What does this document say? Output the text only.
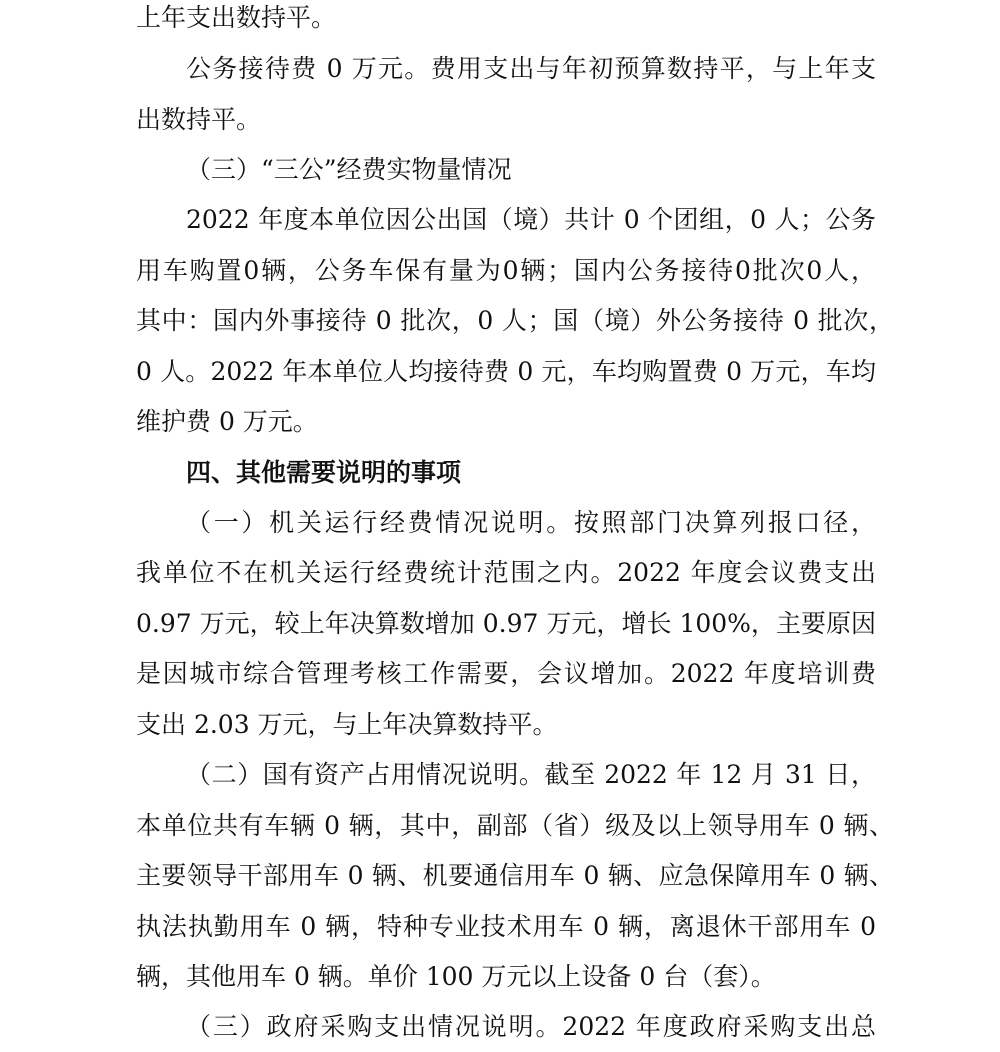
上年支出数持平。
公务接待费 0 万元。费用支出与年初预算数持平，与上年支
出数持平。
（三）“三公”经费实物量情况
2022 年度本单位因公出国（境）共计 0 个团组，0 人；公务
用车购置0辆，公务车保有量为0辆；国内公务接待0批次0人，
其中：国内外事接待 0 批次，0 人；国（境）外公务接待 0 批次，
0 人。2022 年本单位人均接待费 0 元，车均购置费 0 万元，车均
维护费 0 万元。
四、其他需要说明的事项
（一）机关运行经费情况说明。按照部门决算列报口径，
我单位不在机关运行经费统计范围之内。2022 年度会议费支出
0.97 万元，较上年决算数增加 0.97 万元，增长 100%，主要原因
是因城市综合管理考核工作需要，会议增加。2022 年度培训费
支出 2.03 万元，与上年决算数持平。
（二）国有资产占用情况说明。截至 2022 年 12 月 31 日，
本单位共有车辆 0 辆，其中，副部（省）级及以上领导用车 0 辆、
主要领导干部用车 0 辆、机要通信用车 0 辆、应急保障用车 0 辆、
执法执勤用车 0 辆，特种专业技术用车 0 辆，离退休干部用车 0
辆，其他用车 0 辆。单价 100 万元以上设备 0 台（套）。
（三）政府采购支出情况说明。2022 年度政府采购支出总
